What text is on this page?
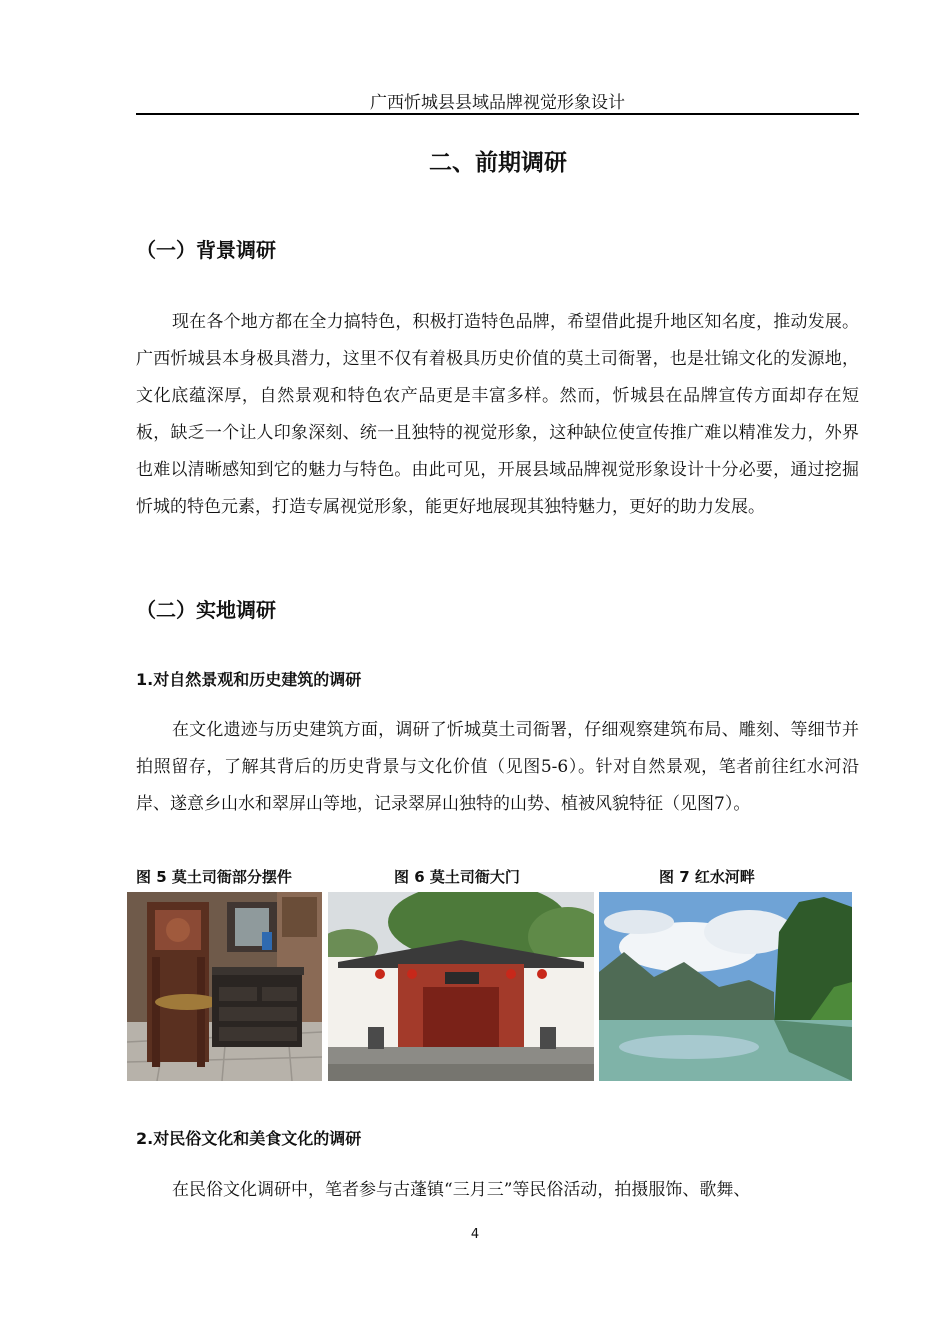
广西忻城县县域品牌视觉形象设计
二、前期调研
（一）背景调研

现在各个地方都在全力搞特色，积极打造特色品牌，希望借此提升地区知名度，推动发展。广西忻城县本身极具潜力，这里不仅有着极具历史价值的莫土司衙署，也是壮锦文化的发源地，文化底蕴深厚，自然景观和特色农产品更是丰富多样。然而，忻城县在品牌宣传方面却存在短板，缺乏一个让人印象深刻、统一且独特的视觉形象，这种缺位使宣传推广难以精准发力，外界也难以清晰感知到它的魅力与特色。由此可见，开展县域品牌视觉形象设计十分必要，通过挖掘忻城的特色元素，打造专属视觉形象，能更好地展现其独特魅力，更好的助力发展。

（二）实地调研
1.对自然景观和历史建筑的调研

在文化遗迹与历史建筑方面，调研了忻城莫土司衙署，仔细观察建筑布局、雕刻、等细节并拍照留存，了解其背后的历史背景与文化价值（见图5-6）。针对自然景观，笔者前往红水河沿岸、遂意乡山水和翠屏山等地，记录翠屏山独特的山势、植被风貌特征（见图7）。

图 5 莫土司衙部分摆件	图 6 莫土司衙大门	图 7 红水河畔
2.对民俗文化和美食文化的调研

在民俗文化调研中，笔者参与古蓬镇“三月三”等民俗活动，拍摄服饰、歌舞、

4
